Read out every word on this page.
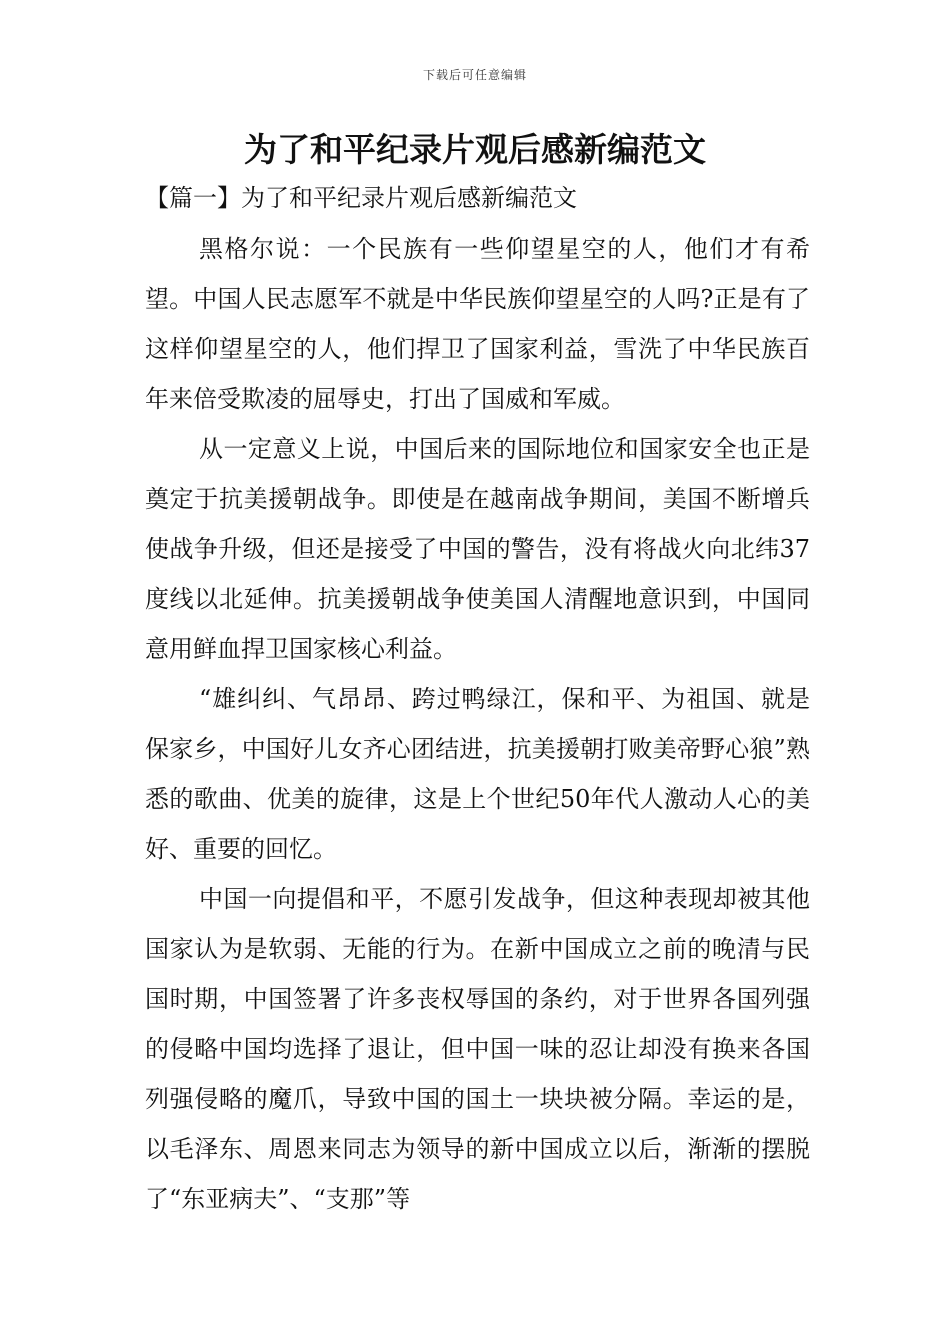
下载后可任意编辑
为了和平纪录片观后感新编范文
【篇一】为了和平纪录片观后感新编范文

黑格尔说：一个民族有一些仰望星空的人，他们才有希望。中国人民志愿军不就是中华民族仰望星空的人吗?正是有了这样仰望星空的人，他们捍卫了国家利益，雪洗了中华民族百年来倍受欺凌的屈辱史，打出了国威和军威。

从一定意义上说，中国后来的国际地位和国家安全也正是奠定于抗美援朝战争。即使是在越南战争期间，美国不断增兵使战争升级，但还是接受了中国的警告，没有将战火向北纬37度线以北延伸。抗美援朝战争使美国人清醒地意识到，中国同意用鲜血捍卫国家核心利益。

“雄纠纠、气昂昂、跨过鸭绿江，保和平、为祖国、就是保家乡，中国好儿女齐心团结进，抗美援朝打败美帝野心狼”熟悉的歌曲、优美的旋律，这是上个世纪50年代人激动人心的美好、重要的回忆。

中国一向提倡和平，不愿引发战争，但这种表现却被其他国家认为是软弱、无能的行为。在新中国成立之前的晚清与民国时期，中国签署了许多丧权辱国的条约，对于世界各国列强的侵略中国均选择了退让，但中国一味的忍让却没有换来各国列强侵略的魔爪，导致中国的国土一块块被分隔。幸运的是，以毛泽东、周恩来同志为领导的新中国成立以后，渐渐的摆脱了“东亚病夫”、“支那”等
